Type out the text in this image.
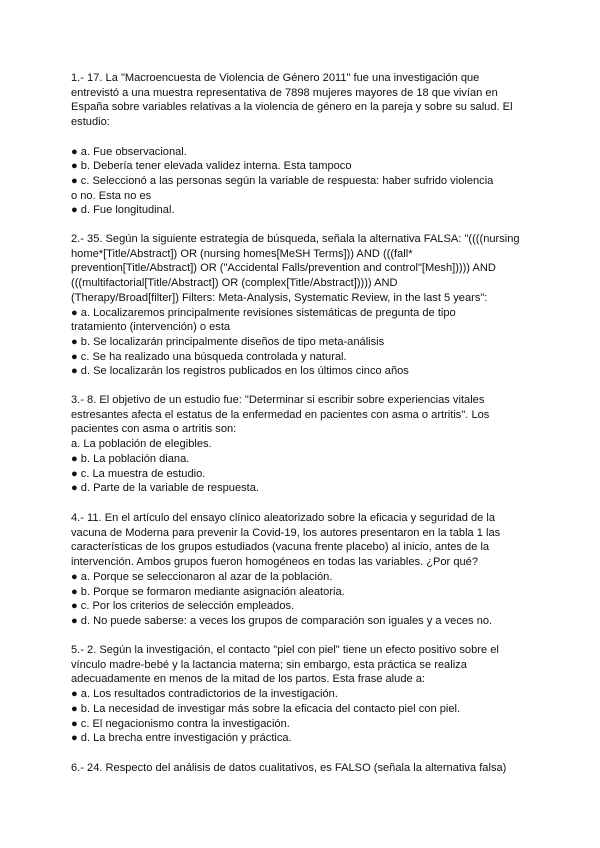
1.- 17. La "Macroencuesta de Violencia de Género 2011" fue una investigación que
entrevistó a una muestra representativa de 7898 mujeres mayores de 18 que vivían en
España sobre variables relativas a la violencia de género en la pareja y sobre su salud. El
estudio:
● a. Fue observacional.
● b. Debería tener elevada validez interna. Esta tampoco
● c. Seleccionó a las personas según la variable de respuesta: haber sufrido violencia
o no. Esta no es
● d. Fue longitudinal.
2.- 35. Según la siguiente estrategia de búsqueda, señala la alternativa FALSA: "((((nursing
home*[Title/Abstract]) OR (nursing homes[MeSH Terms])) AND (((fall*
prevention[Title/Abstract]) OR ("Accidental Falls/prevention and control"[Mesh])))) AND
(((multifactorial[Title/Abstract]) OR (complex[Title/Abstract])))) AND
(Therapy/Broad[filter]) Filters: Meta-Analysis, Systematic Review, in the last 5 years":
● a. Localizaremos principalmente revisiones sistemáticas de pregunta de tipo
tratamiento (intervención) o esta
● b. Se localizarán principalmente diseños de tipo meta-análisis
● c. Se ha realizado una búsqueda controlada y natural.
● d. Se localizarán los registros publicados en los últimos cinco años
3.- 8. El objetivo de un estudio fue: "Determinar si escribir sobre experiencias vitales
estresantes afecta el estatus de la enfermedad en pacientes con asma o artritis". Los
pacientes con asma o artritis son:
a. La población de elegibles.
● b. La población diana.
● c. La muestra de estudio.
● d. Parte de la variable de respuesta.
4.- 11. En el artículo del ensayo clínico aleatorizado sobre la eficacia y seguridad de la
vacuna de Moderna para prevenir la Covid-19, los autores presentaron en la tabla 1 las
características de los grupos estudiados (vacuna frente placebo) al inicio, antes de la
intervención. Ambos grupos fueron homogéneos en todas las variables. ¿Por qué?
● a. Porque se seleccionaron al azar de la población.
● b. Porque se formaron mediante asignación aleatoria.
● c. Por los criterios de selección empleados.
● d. No puede saberse: a veces los grupos de comparación son iguales y a veces no.
5.- 2. Según la investigación, el contacto "piel con piel" tiene un efecto positivo sobre el
vínculo madre-bebé y la lactancia materna; sin embargo, esta práctica se realiza
adecuadamente en menos de la mitad de los partos. Esta frase alude a:
● a. Los resultados contradictorios de la investigación.
● b. La necesidad de investigar más sobre la eficacia del contacto piel con piel.
● c. El negacionismo contra la investigación.
● d. La brecha entre investigación y práctica.
6.- 24. Respecto del análisis de datos cualitativos, es FALSO (señala la alternativa falsa)
